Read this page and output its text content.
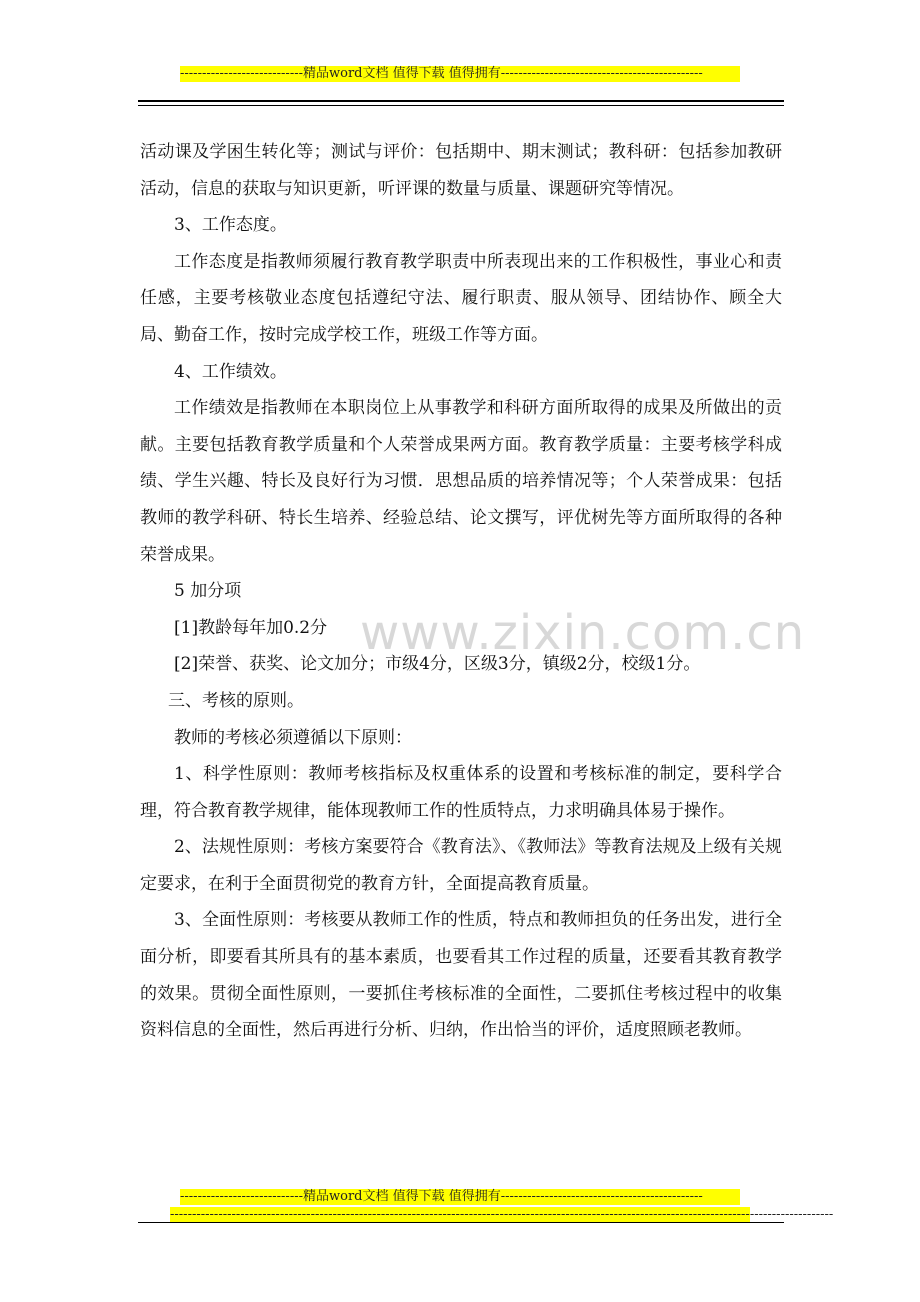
----------------------------精品word文档 值得下载 值得拥有----------------------------------------------
www.zixin.com.cn

活动课及学困生转化等；测试与评价：包括期中、期末测试；教科研：包括参加教研活动，信息的获取与知识更新，听评课的数量与质量、课题研究等情况。

3、工作态度。

工作态度是指教师须履行教育教学职责中所表现出来的工作积极性，事业心和责任感，主要考核敬业态度包括遵纪守法、履行职责、服从领导、团结协作、顾全大局、勤奋工作，按时完成学校工作，班级工作等方面。

4、工作绩效。

工作绩效是指教师在本职岗位上从事教学和科研方面所取得的成果及所做出的贡献。主要包括教育教学质量和个人荣誉成果两方面。教育教学质量：主要考核学科成绩、学生兴趣、特长及良好行为习惯．思想品质的培养情况等；个人荣誉成果：包括教师的教学科研、特长生培养、经验总结、论文撰写，评优树先等方面所取得的各种荣誉成果。

5 加分项

[1]教龄每年加0.2分

[2]荣誉、获奖、论文加分；市级4分，区级3分，镇级2分，校级1分。

三、考核的原则。

教师的考核必须遵循以下原则：

1、科学性原则：教师考核指标及权重体系的设置和考核标准的制定，要科学合理，符合教育教学规律，能体现教师工作的性质特点，力求明确具体易于操作。

2、法规性原则：考核方案要符合《教育法》、《教师法》等教育法规及上级有关规定要求，在利于全面贯彻党的教育方针，全面提高教育质量。

3、全面性原则：考核要从教师工作的性质，特点和教师担负的任务出发，进行全面分析，即要看其所具有的基本素质，也要看其工作过程的质量，还要看其教育教学的效果。贯彻全面性原则，一要抓住考核标准的全面性，二要抓住考核过程中的收集资料信息的全面性，然后再进行分析、归纳，作出恰当的评价，适度照顾老教师。

----------------------------精品word文档 值得下载 值得拥有----------------------------------------------
-------------------------------------------------------------------------------------------------------------------------------------------------------
